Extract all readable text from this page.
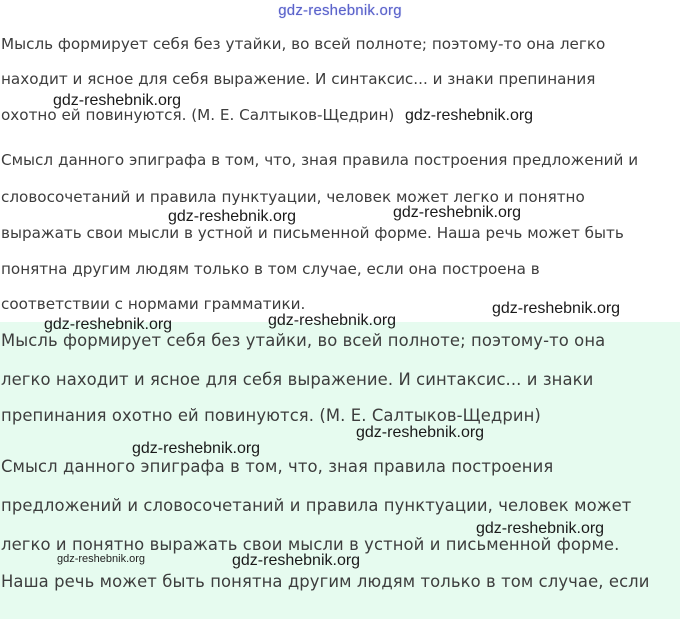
gdz-reshebnik.org
Мысль формирует себя без утайки, во всей полноте; поэтому-то она легко
находит и ясное для себя выражение. И синтаксис... и знаки препинания
охотно ей повинуются. (М. Е. Салтыков-Щедрин)
Смысл данного эпиграфа в том, что, зная правила построения предложений и
словосочетаний и правила пунктуации, человек может легко и понятно
выражать свои мысли в устной и письменной форме. Наша речь может быть
понятна другим людям только в том случае, если она построена в
соответствии с нормами грамматики.
Мысль формирует себя без утайки, во всей полноте; поэтому-то она
легко находит и ясное для себя выражение. И синтаксис... и знаки
препинания охотно ей повинуются. (М. Е. Салтыков-Щедрин)
Смысл данного эпиграфа в том, что, зная правила построения
предложений и словосочетаний и правила пунктуации, человек может
легко и понятно выражать свои мысли в устной и письменной форме.
Наша речь может быть понятна другим людям только в том случае, если
gdz-reshebnik.org
gdz-reshebnik.org
gdz-reshebnik.org
gdz-reshebnik.org
gdz-reshebnik.org
gdz-reshebnik.org
gdz-reshebnik.org
gdz-reshebnik.org
gdz-reshebnik.org
gdz-reshebnik.org
gdz-reshebnik.org	gdz-reshebnik.org
